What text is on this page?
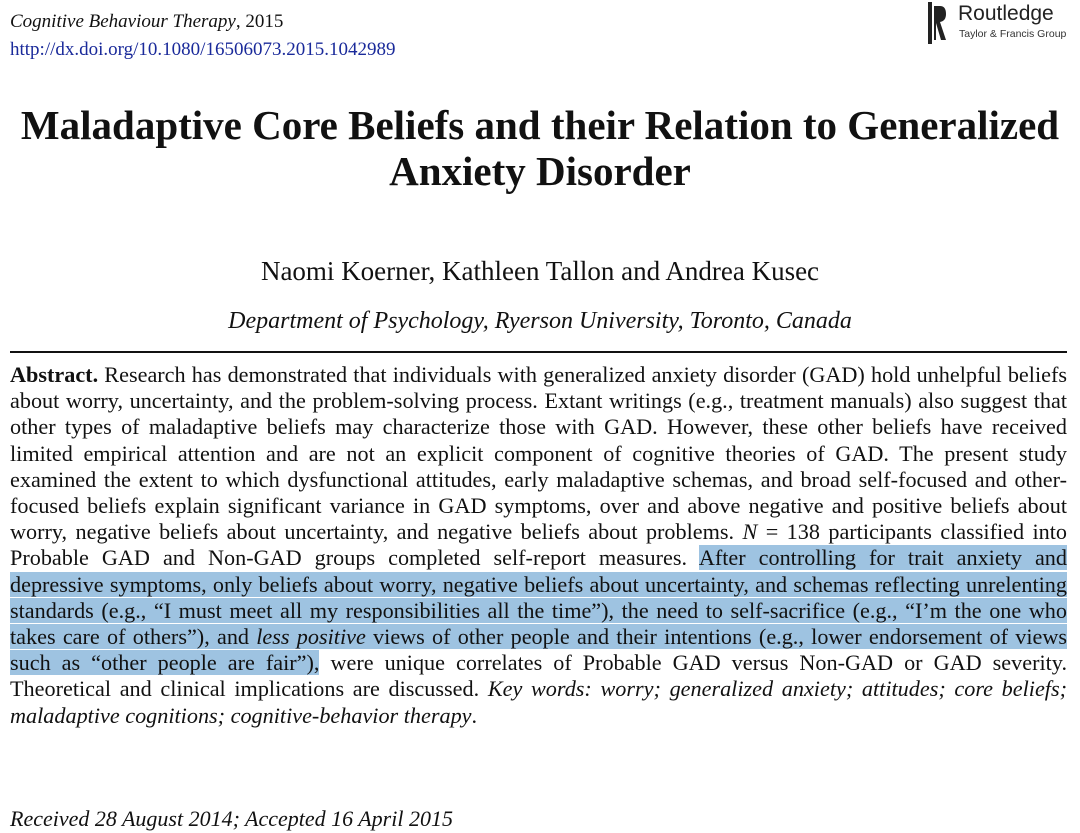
Cognitive Behaviour Therapy, 2015
http://dx.doi.org/10.1080/16506073.2015.1042989
Routledge
Taylor & Francis Group
Maladaptive Core Beliefs and their Relation to Generalized Anxiety Disorder
Naomi Koerner, Kathleen Tallon and Andrea Kusec
Department of Psychology, Ryerson University, Toronto, Canada

Abstract. Research has demonstrated that individuals with generalized anxiety disorder (GAD) hold unhelpful beliefs about worry, uncertainty, and the problem-solving process. Extant writings (e.g., treatment manuals) also suggest that other types of maladaptive beliefs may characterize those with GAD. However, these other beliefs have received limited empirical attention and are not an explicit component of cognitive theories of GAD. The present study examined the extent to which dysfunctional attitudes, early maladaptive schemas, and broad self-focused and other-focused beliefs explain significant variance in GAD symptoms, over and above negative and positive beliefs about worry, negative beliefs about uncertainty, and negative beliefs about problems. N = 138 participants classified into Probable GAD and Non-GAD groups completed self-report measures. After controlling for trait anxiety and depressive symptoms, only beliefs about worry, negative beliefs about uncertainty, and schemas reflecting unrelenting standards (e.g., “I must meet all my responsibilities all the time”), the need to self-sacrifice (e.g., “I’m the one who takes care of others”), and less positive views of other people and their intentions (e.g., lower endorsement of views such as “other people are fair”), were unique correlates of Probable GAD versus Non-GAD or GAD severity. Theoretical and clinical implications are discussed. Key words: worry; generalized anxiety; attitudes; core beliefs; maladaptive cognitions; cognitive-behavior therapy.

Received 28 August 2014; Accepted 16 April 2015
